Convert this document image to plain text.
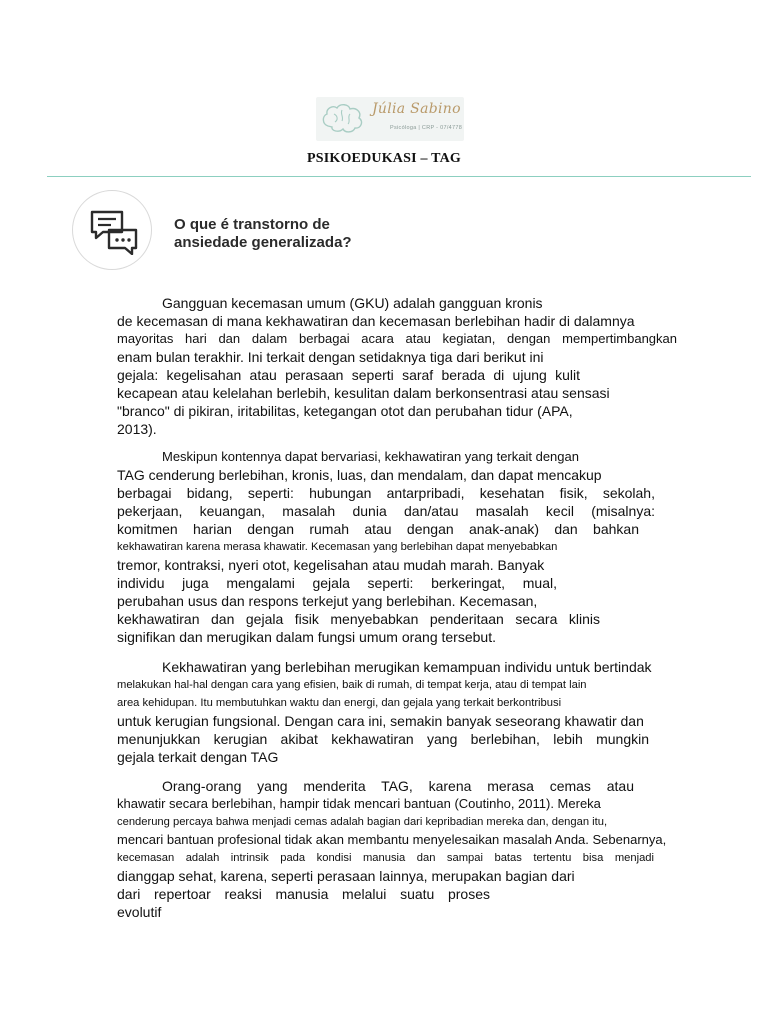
Júlia Sabino
Psicóloga | CRP - 07/4778
PSIKOEDUKASI – TAG
O que é transtorno de
ansiedade generalizada?
Gangguan kecemasan umum (GKU) adalah gangguan kronis
de kecemasan di mana kekhawatiran dan kecemasan berlebihan hadir di dalamnya
mayoritas hari dan dalam berbagai acara atau kegiatan, dengan mempertimbangkan
enam bulan terakhir. Ini terkait dengan setidaknya tiga dari berikut ini
gejala: kegelisahan atau perasaan seperti saraf berada di ujung kulit
kecapean atau kelelahan berlebih, kesulitan dalam berkonsentrasi atau sensasi
"branco" di pikiran, iritabilitas, ketegangan otot dan perubahan tidur (APA,
2013).
Meskipun kontennya dapat bervariasi, kekhawatiran yang terkait dengan
TAG cenderung berlebihan, kronis, luas, dan mendalam, dan dapat mencakup
berbagai bidang, seperti: hubungan antarpribadi, kesehatan fisik, sekolah,
pekerjaan, keuangan, masalah dunia dan/atau masalah kecil (misalnya:
komitmen harian dengan rumah atau dengan anak-anak) dan bahkan
kekhawatiran karena merasa khawatir. Kecemasan yang berlebihan dapat menyebabkan
tremor, kontraksi, nyeri otot, kegelisahan atau mudah marah. Banyak
individu juga mengalami gejala seperti: berkeringat, mual,
perubahan usus dan respons terkejut yang berlebihan. Kecemasan,
kekhawatiran dan gejala fisik menyebabkan penderitaan secara klinis
signifikan dan merugikan dalam fungsi umum orang tersebut.
Kekhawatiran yang berlebihan merugikan kemampuan individu untuk bertindak
melakukan hal-hal dengan cara yang efisien, baik di rumah, di tempat kerja, atau di tempat lain
area kehidupan. Itu membutuhkan waktu dan energi, dan gejala yang terkait berkontribusi
untuk kerugian fungsional. Dengan cara ini, semakin banyak seseorang khawatir dan
menunjukkan kerugian akibat kekhawatiran yang berlebihan, lebih mungkin
gejala terkait dengan TAG
Orang-orang yang menderita TAG, karena merasa cemas atau
khawatir secara berlebihan, hampir tidak mencari bantuan (Coutinho, 2011). Mereka
cenderung percaya bahwa menjadi cemas adalah bagian dari kepribadian mereka dan, dengan itu,
mencari bantuan profesional tidak akan membantu menyelesaikan masalah Anda. Sebenarnya,
kecemasan adalah intrinsik pada kondisi manusia dan sampai batas tertentu bisa menjadi
dianggap sehat, karena, seperti perasaan lainnya, merupakan bagian dari
dari repertoar reaksi manusia melalui suatu proses
evolutif
